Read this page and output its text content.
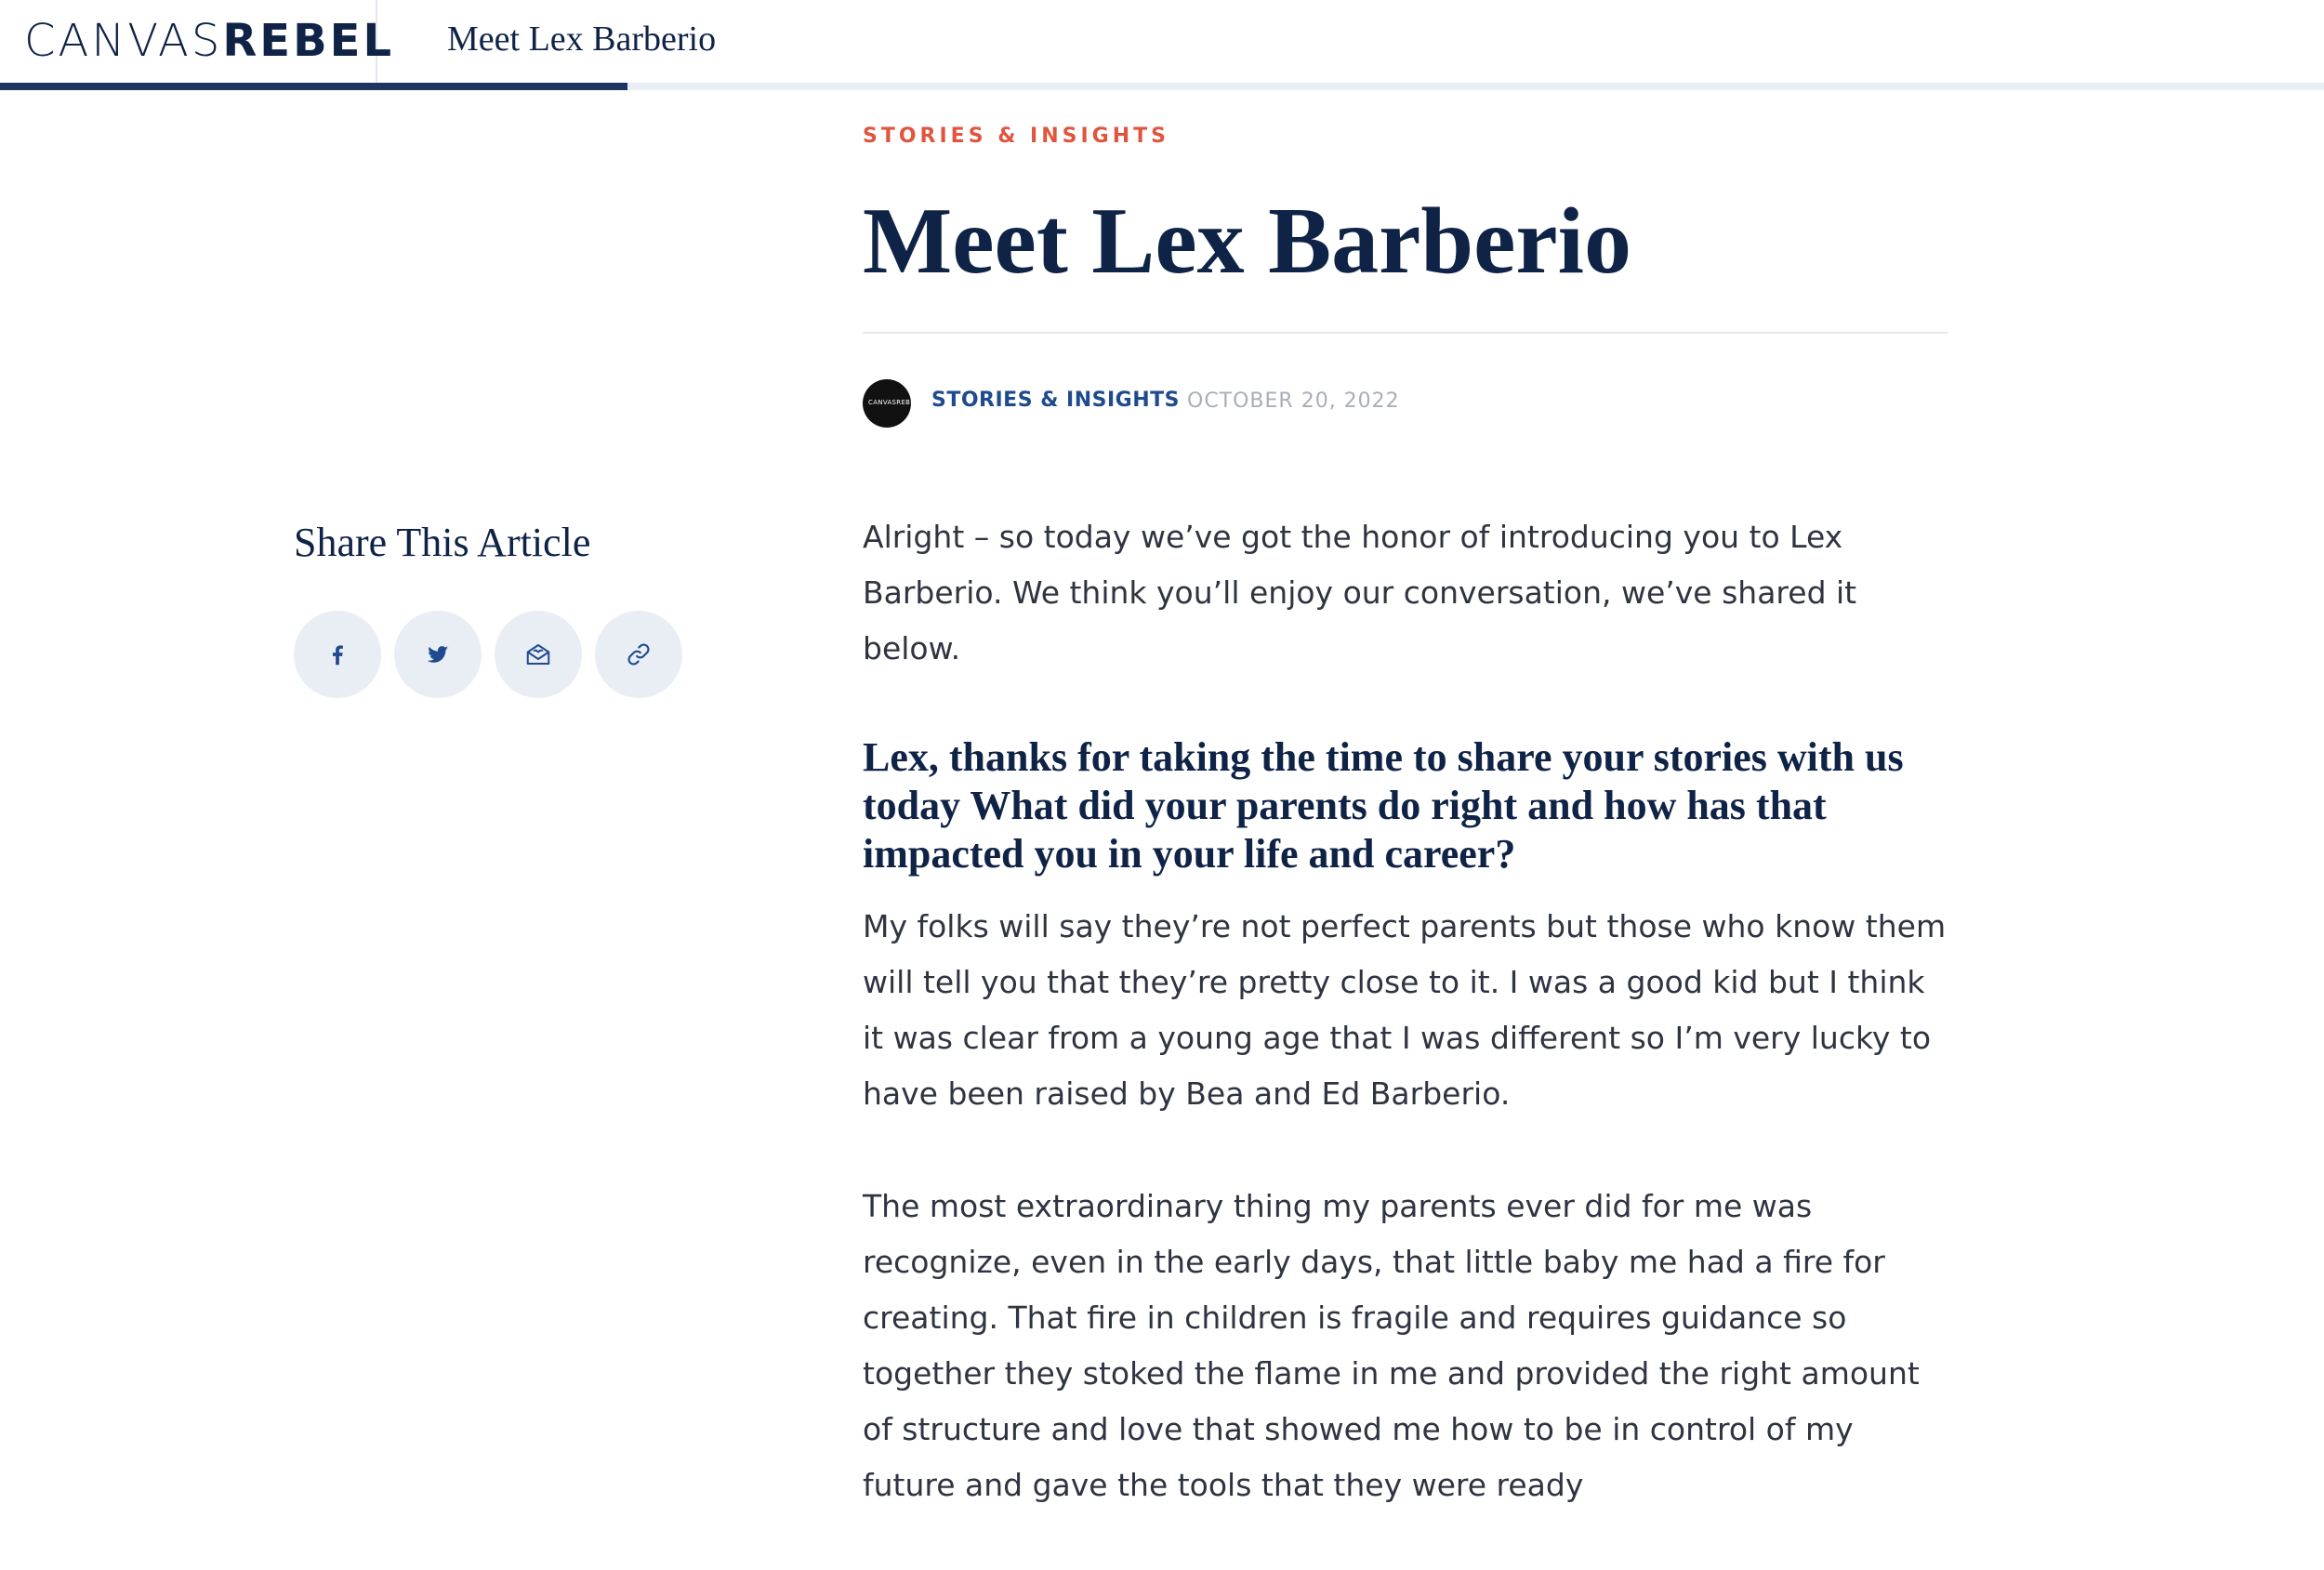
CANVASREBEL Meet Lex Barberio
STORIES & INSIGHTS
Meet Lex Barberio
CANVASREBEL STORIES & INSIGHTS OCTOBER 20, 2022
Share This Article	Alright – so today we’ve got the honor of introducing you to Lex Barberio. We think you’ll enjoy our conversation, we’ve shared it below.

Lex, thanks for taking the time to share your stories with us today What did your parents do right and how has that impacted you in your life and career?

My folks will say they’re not perfect parents but those who know them will tell you that they’re pretty close to it. I was a good kid but I think it was clear from a young age that I was different so I’m very lucky to have been raised by Bea and Ed Barberio.

The most extraordinary thing my parents ever did for me was recognize, even in the early days, that little baby me had a fire for creating. That fire in children is fragile and requires guidance so together they stoked the flame in me and provided the right amount of structure and love that showed me how to be in control of my future and gave the tools that they were ready
